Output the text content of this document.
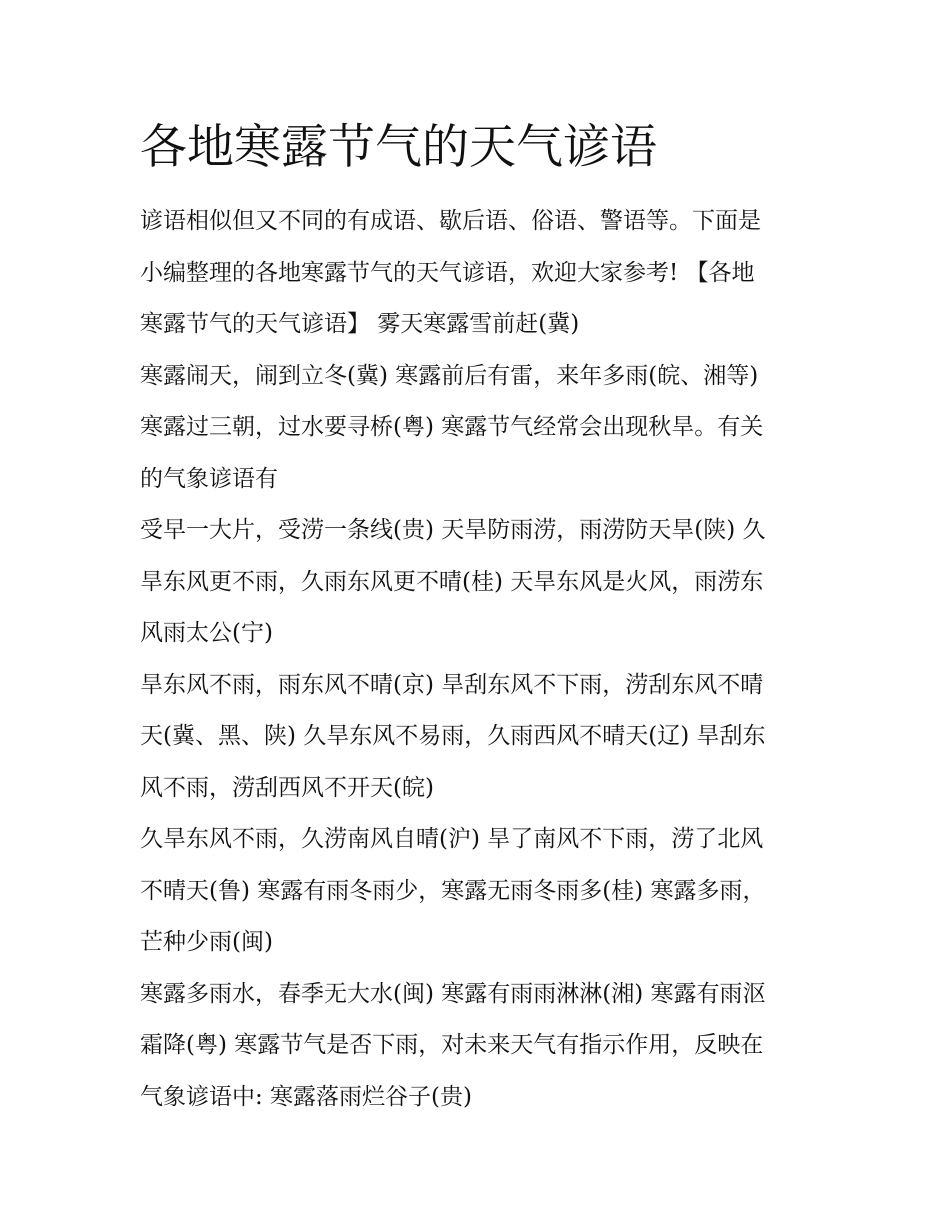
各地寒露节气的天气谚语
谚语相似但又不同的有成语、歇后语、俗语、警语等。下面是
小编整理的各地寒露节气的天气谚语，欢迎大家参考! 【各地
寒露节气的天气谚语】 雾天寒露雪前赶(冀)
寒露闹天，闹到立冬(冀) 寒露前后有雷，来年多雨(皖、湘等)
寒露过三朝，过水要寻桥(粤) 寒露节气经常会出现秋旱。有关
的气象谚语有
受早一大片，受涝一条线(贵) 天旱防雨涝，雨涝防天旱(陕) 久
旱东风更不雨，久雨东风更不晴(桂) 天旱东风是火风，雨涝东
风雨太公(宁)
旱东风不雨，雨东风不晴(京) 旱刮东风不下雨，涝刮东风不晴
天(冀、黑、陕) 久旱东风不易雨，久雨西风不晴天(辽) 旱刮东
风不雨，涝刮西风不开天(皖)
久旱东风不雨，久涝南风自晴(沪) 旱了南风不下雨，涝了北风
不晴天(鲁) 寒露有雨冬雨少，寒露无雨冬雨多(桂) 寒露多雨，
芒种少雨(闽)
寒露多雨水，春季无大水(闽) 寒露有雨雨淋淋(湘) 寒露有雨沤
霜降(粤) 寒露节气是否下雨，对未来天气有指示作用，反映在
气象谚语中: 寒露落雨烂谷子(贵)
